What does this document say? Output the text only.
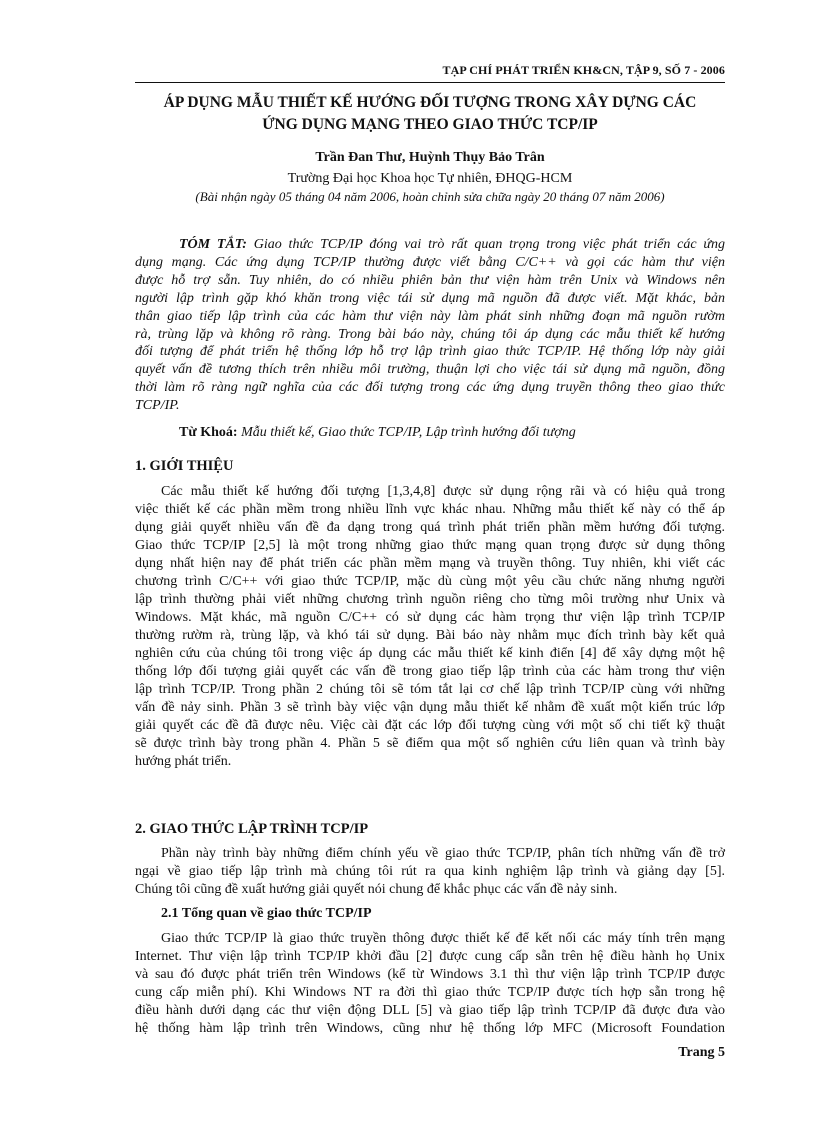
TẠP CHÍ PHÁT TRIỂN KH&CN, TẬP 9, SỐ 7 - 2006
ÁP DỤNG MẪU THIẾT KẾ HƯỚNG ĐỐI TƯỢNG TRONG XÂY DỰNG CÁC
ỨNG DỤNG MẠNG THEO GIAO THỨC TCP/IP
Trần Đan Thư, Huỳnh Thụy Bảo Trân
Trường Đại học Khoa học Tự nhiên, ĐHQG-HCM
(Bài nhận ngày 05 tháng 04 năm 2006, hoàn chỉnh sửa chữa ngày 20 tháng 07 năm 2006)
TÓM TẮT: Giao thức TCP/IP đóng vai trò rất quan trọng trong việc phát triển các ứng
dụng mạng. Các ứng dụng TCP/IP thường được viết bằng C/C++ và gọi các hàm thư viện
được hỗ trợ sẵn. Tuy nhiên, do có nhiều phiên bản thư viện hàm trên Unix và Windows nên
người lập trình gặp khó khăn trong việc tái sử dụng mã nguồn đã được viết. Mặt khác, bản
thân giao tiếp lập trình của các hàm thư viện này làm phát sinh những đoạn mã nguồn rườm
rà, trùng lặp và không rõ ràng. Trong bài báo này, chúng tôi áp dụng các mẫu thiết kế hướng
đối tượng để phát triển hệ thống lớp hỗ trợ lập trình giao thức TCP/IP. Hệ thống lớp này giải
quyết vấn đề tương thích trên nhiều môi trường, thuận lợi cho việc tái sử dụng mã nguồn, đồng
thời làm rõ ràng ngữ nghĩa của các đối tượng trong các ứng dụng truyền thông theo giao thức
TCP/IP.
Từ Khoá: Mẫu thiết kế, Giao thức TCP/IP, Lập trình hướng đối tượng
1. GIỚI THIỆU
Các mẫu thiết kế hướng đối tượng [1,3,4,8] được sử dụng rộng rãi và có hiệu quả trong
việc thiết kế các phần mềm trong nhiều lĩnh vực khác nhau. Những mẫu thiết kế này có thể áp
dụng giải quyết nhiều vấn đề đa dạng trong quá trình phát triển phần mềm hướng đối tượng.
Giao thức TCP/IP [2,5] là một trong những giao thức mạng quan trọng được sử dụng thông
dụng nhất hiện nay để phát triển các phần mềm mạng và truyền thông. Tuy nhiên, khi viết các
chương trình C/C++ với giao thức TCP/IP, mặc dù cùng một yêu cầu chức năng nhưng người
lập trình thường phải viết những chương trình nguồn riêng cho từng môi trường như Unix và
Windows. Mặt khác, mã nguồn C/C++ có sử dụng các hàm trọng thư viện lập trình TCP/IP
thường rườm rà, trùng lặp, và khó tái sử dụng. Bài báo này nhằm mục đích trình bày kết quả
nghiên cứu của chúng tôi trong việc áp dụng các mẫu thiết kế kinh điển [4] để xây dựng một hệ
thống lớp đối tượng giải quyết các vấn đề trong giao tiếp lập trình của các hàm trong thư viện
lập trình TCP/IP. Trong phần 2 chúng tôi sẽ tóm tắt lại cơ chế lập trình TCP/IP cùng với những
vấn đề nảy sinh. Phần 3 sẽ trình bày việc vận dụng mẫu thiết kế nhằm đề xuất một kiến trúc lớp
giải quyết các đề đã được nêu. Việc cài đặt các lớp đối tượng cùng với một số chi tiết kỹ thuật
sẽ được trình bày trong phần 4. Phần 5 sẽ điểm qua một số nghiên cứu liên quan và trình bày
hướng phát triển.
2. GIAO THỨC LẬP TRÌNH TCP/IP
Phần này trình bày những điểm chính yếu về giao thức TCP/IP, phân tích những vấn đề trở
ngại về giao tiếp lập trình mà chúng tôi rút ra qua kinh nghiệm lập trình và giảng dạy [5].
Chúng tôi cũng đề xuất hướng giải quyết nói chung để khắc phục các vấn đề nảy sinh.
2.1 Tổng quan về giao thức TCP/IP
Giao thức TCP/IP là giao thức truyền thông được thiết kế để kết nối các máy tính trên mạng
Internet. Thư viện lập trình TCP/IP khởi đầu [2] được cung cấp sẵn trên hệ điều hành họ Unix
và sau đó được phát triển trên Windows (kể từ Windows 3.1 thì thư viện lập trình TCP/IP được
cung cấp miễn phí). Khi Windows NT ra đời thì giao thức TCP/IP được tích hợp sẵn trong hệ
điều hành dưới dạng các thư viện động DLL [5] và giao tiếp lập trình TCP/IP đã được đưa vào
hệ thống hàm lập trình trên Windows, cũng như hệ thống lớp MFC (Microsoft Foundation
Trang 5
